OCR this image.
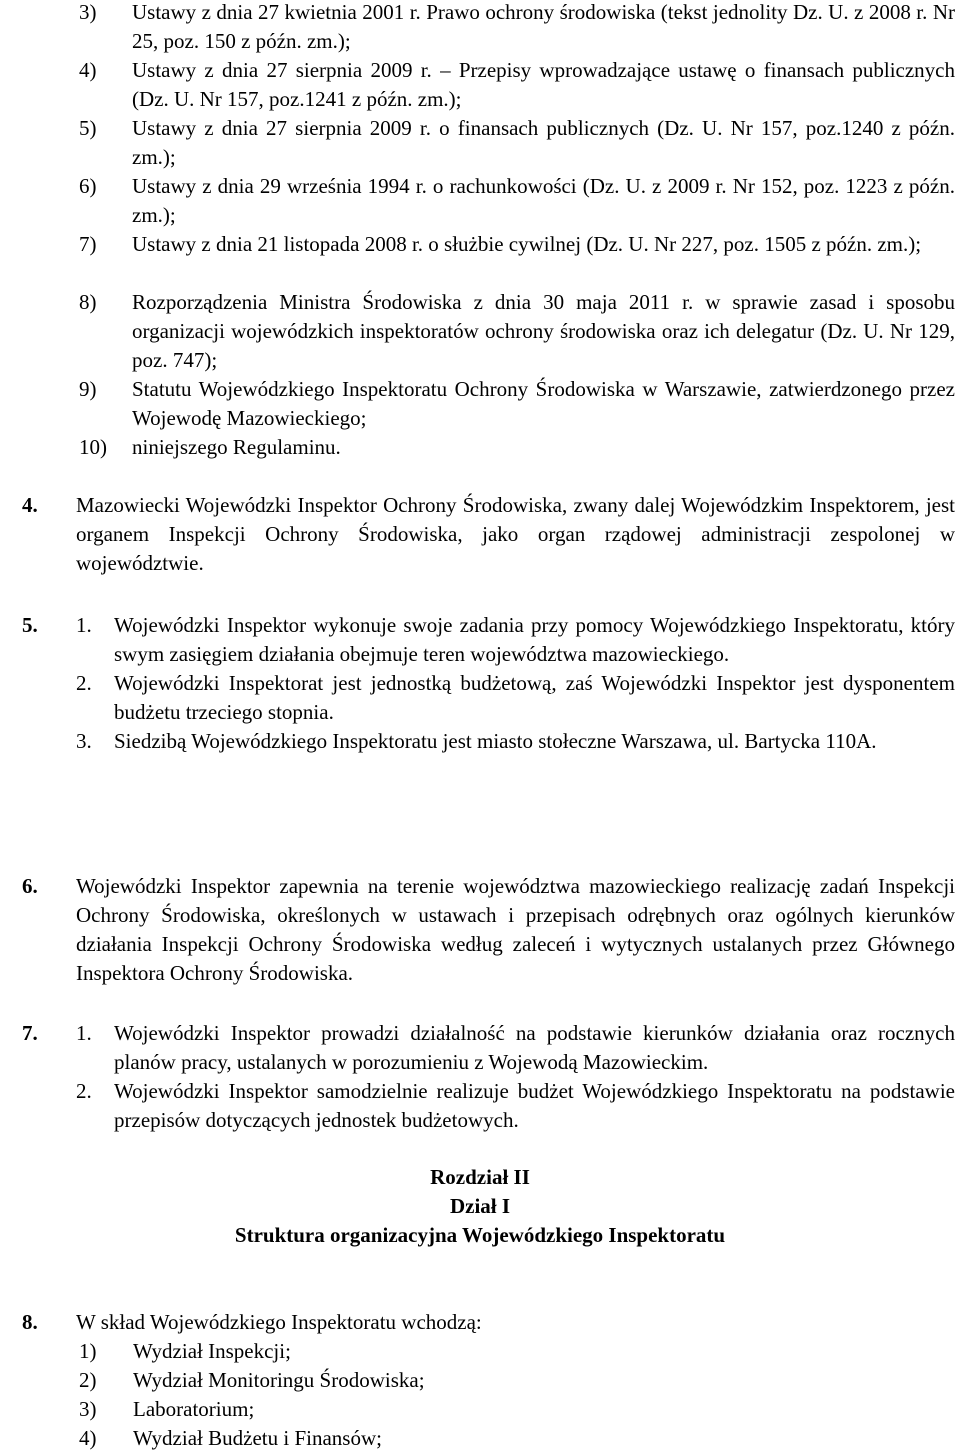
3) Ustawy z dnia 27 kwietnia 2001 r. Prawo ochrony środowiska (tekst jednolity Dz. U. z 2008 r. Nr 25, poz. 150 z późn. zm.);
4) Ustawy z dnia 27 sierpnia 2009 r. – Przepisy wprowadzające ustawę o finansach publicznych (Dz. U. Nr 157, poz.1241 z późn. zm.);
5) Ustawy z dnia 27 sierpnia 2009 r. o finansach publicznych (Dz. U. Nr 157, poz.1240 z późn. zm.);
6) Ustawy z dnia 29 września 1994 r. o rachunkowości (Dz. U. z 2009 r. Nr 152, poz. 1223 z późn. zm.);
7) Ustawy z dnia 21 listopada 2008 r. o służbie cywilnej (Dz. U. Nr 227, poz. 1505 z późn. zm.);
8) Rozporządzenia Ministra Środowiska z dnia 30 maja 2011 r. w sprawie zasad i sposobu organizacji wojewódzkich inspektoratów ochrony środowiska oraz ich delegatur (Dz. U. Nr 129, poz. 747);
9) Statutu Wojewódzkiego Inspektoratu Ochrony Środowiska w Warszawie, zatwierdzonego przez Wojewodę Mazowieckiego;
10) niniejszego Regulaminu.
4. Mazowiecki Wojewódzki Inspektor Ochrony Środowiska, zwany dalej Wojewódzkim Inspektorem, jest organem Inspekcji Ochrony Środowiska, jako organ rządowej administracji zespolonej w województwie.
5. 1. Wojewódzki Inspektor wykonuje swoje zadania przy pomocy Wojewódzkiego Inspektoratu, który swym zasięgiem działania obejmuje teren województwa mazowieckiego.
2. Wojewódzki Inspektorat jest jednostką budżetową, zaś Wojewódzki Inspektor jest dysponentem budżetu trzeciego stopnia.
3. Siedzibą Wojewódzkiego Inspektoratu jest miasto stołeczne Warszawa, ul. Bartycka 110A.
6. Wojewódzki Inspektor zapewnia na terenie województwa mazowieckiego realizację zadań Inspekcji Ochrony Środowiska, określonych w ustawach i przepisach odrębnych oraz ogólnych kierunków działania Inspekcji Ochrony Środowiska według zaleceń i wytycznych ustalanych przez Głównego Inspektora Ochrony Środowiska.
7. 1. Wojewódzki Inspektor prowadzi działalność na podstawie kierunków działania oraz rocznych planów pracy, ustalanych w porozumieniu z Wojewodą Mazowieckim.
2. Wojewódzki Inspektor samodzielnie realizuje budżet Wojewódzkiego Inspektoratu na podstawie przepisów dotyczących jednostek budżetowych.
Rozdział II
Dział I
Struktura organizacyjna Wojewódzkiego Inspektoratu
8. W skład Wojewódzkiego Inspektoratu wchodzą:
1) Wydział Inspekcji;
2) Wydział Monitoringu Środowiska;
3) Laboratorium;
4) Wydział Budżetu i Finansów;
